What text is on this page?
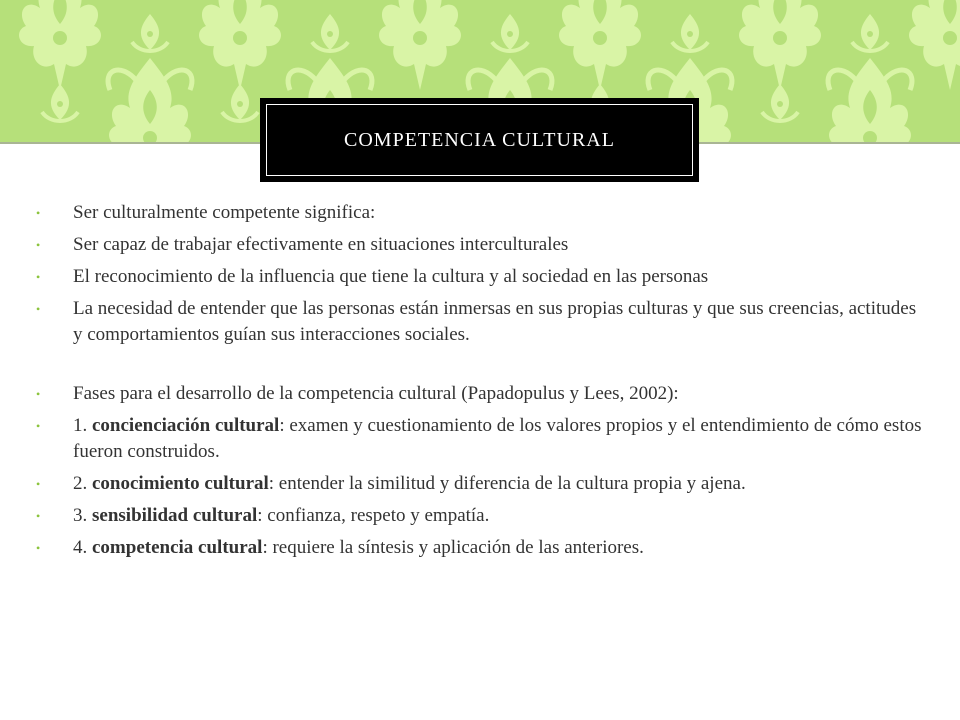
COMPETENCIA CULTURAL
• Ser culturalmente competente significa:
• Ser capaz de trabajar efectivamente en situaciones interculturales
• El reconocimiento de la influencia que tiene la cultura y al sociedad en las personas
• La necesidad de entender que las personas están inmersas en sus propias culturas y que sus creencias, actitudes y comportamientos guían sus interacciones sociales.
• Fases para el desarrollo de la competencia cultural (Papadopulus y Lees, 2002):
• 1. concienciación cultural: examen y cuestionamiento de los valores propios y el entendimiento de cómo estos fueron construidos.
• 2. conocimiento cultural: entender la similitud y diferencia de la cultura propia y ajena.
• 3. sensibilidad cultural: confianza, respeto y empatía.
• 4. competencia cultural: requiere la síntesis y aplicación de las anteriores.
